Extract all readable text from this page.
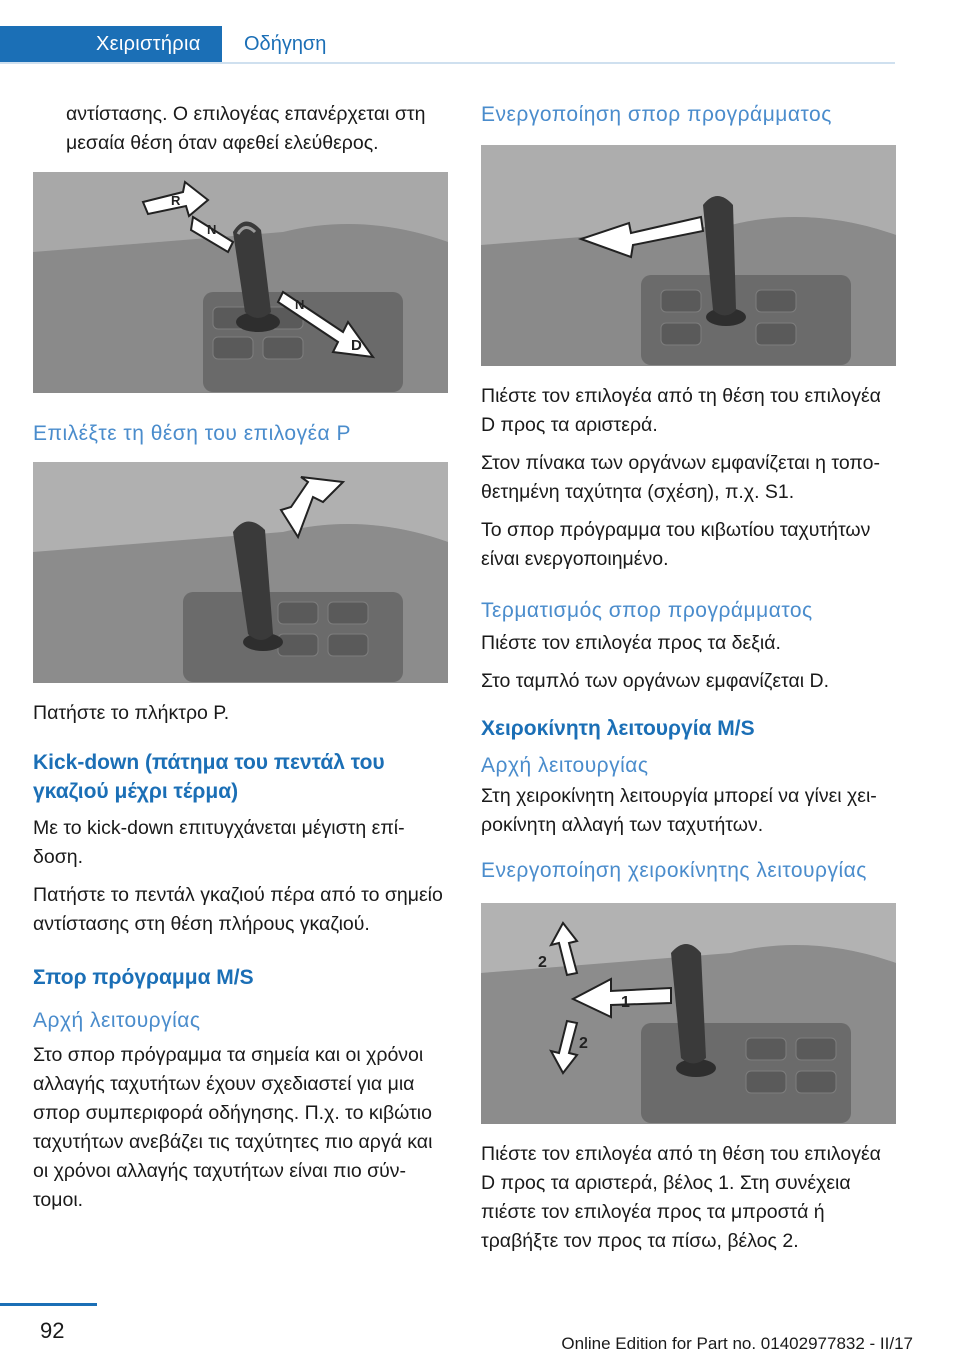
Χειριστήρια	Οδήγηση

αντίστασης. Ο επιλογέας επανέρχεται στη μεσαία θέση όταν αφεθεί ελεύθερος.

R
N
N
D
Επιλέξτε τη θέση του επιλογέα P

Πατήστε το πλήκτρο P.

Kick-down (πάτημα του πεντάλ του γκαζιού μέχρι τέρμα)

Με το kick-down επιτυγχάνεται μέγιστη επίδοση.

Πατήστε το πεντάλ γκαζιού πέρα από το σημείο αντίστασης στη θέση πλήρους γκαζιού.

Σπορ πρόγραμμα M/S
Αρχή λειτουργίας

Στο σπορ πρόγραμμα τα σημεία και οι χρόνοι αλλαγής ταχυτήτων έχουν σχεδιαστεί για μια σπορ συμπεριφορά οδήγησης. Π.χ. το κιβώτιο ταχυτήτων ανεβάζει τις ταχύτητες πιο αργά και οι χρόνοι αλλαγής ταχυτήτων είναι πιο σύντομοι.

Ενεργοποίηση σπορ προγράμματος

Πιέστε τον επιλογέα από τη θέση του επιλογέα D προς τα αριστερά.

Στον πίνακα των οργάνων εμφανίζεται η τοποθετημένη ταχύτητα (σχέση), π.χ. S1.

Το σπορ πρόγραμμα του κιβωτίου ταχυτήτων είναι ενεργοποιημένο.

Τερματισμός σπορ προγράμματος

Πιέστε τον επιλογέα προς τα δεξιά.

Στο ταμπλό των οργάνων εμφανίζεται D.

Χειροκίνητη λειτουργία M/S
Αρχή λειτουργίας

Στη χειροκίνητη λειτουργία μπορεί να γίνει χειροκίνητη αλλαγή των ταχυτήτων.

Ενεργοποίηση χειροκίνητης λειτουργίας
2
1
2

Πιέστε τον επιλογέα από τη θέση του επιλογέα D προς τα αριστερά, βέλος 1. Στη συνέχεια πιέστε τον επιλογέα προς τα μπροστά ή τραβήξτε τον προς τα πίσω, βέλος 2.

92
Online Edition for Part no. 01402977832 - II/17
